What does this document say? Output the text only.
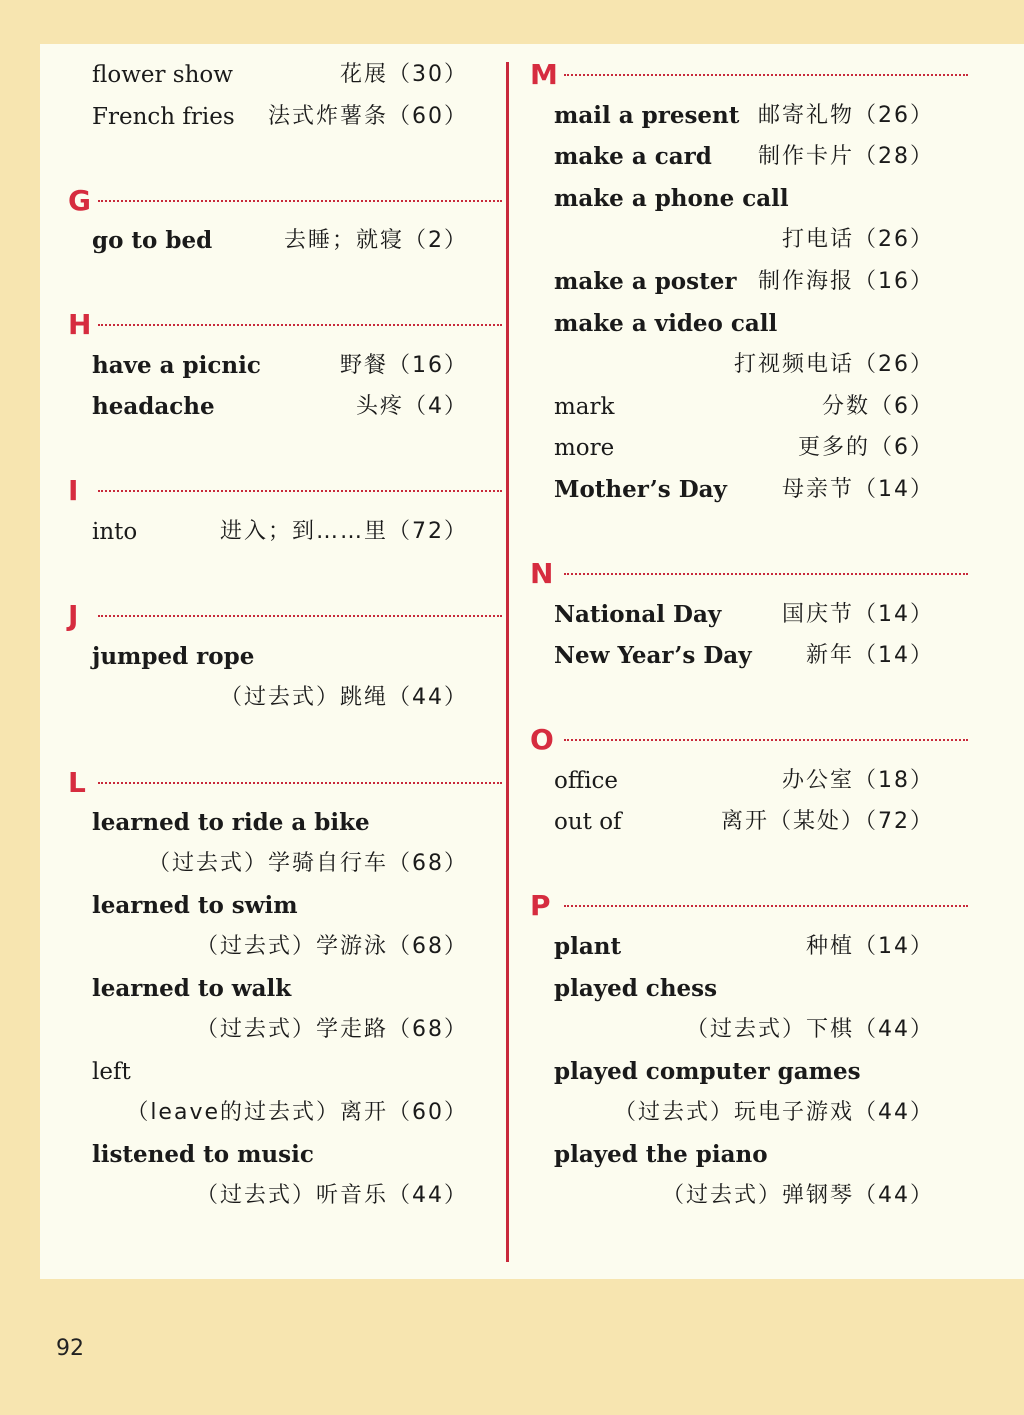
flower show	花展（30）
French fries 法式炸薯条（60）
G
go to bed	去睡；就寝（2）
H
have a picnic	野餐（16）
headache	头疼（4）
I
into	进入；到……里（72）
J
jumped rope
（过去式）跳绳（44）
L
learned to ride a bike
（过去式）学骑自行车（68）
learned to swim
（过去式）学游泳（68）
learned to walk
（过去式）学走路（68）
left
（leave的过去式）离开（60）
listened to music
（过去式）听音乐（44）
M
mail a present 邮寄礼物（26）
make a card 制作卡片（28）
make a phone call
打电话（26）
make a poster 制作海报（16）
make a video call
打视频电话（26）
mark	分数（6）
more	更多的（6）
Mother’s Day	母亲节（14）
N
National Day	国庆节（14）
New Year’s Day 新年（14）
O
office	办公室（18）
out of	离开（某处）（72）
P
plant	种植（14）
played chess
（过去式）下棋（44）
played computer games
（过去式）玩电子游戏（44）
played the piano
（过去式）弹钢琴（44）
92
